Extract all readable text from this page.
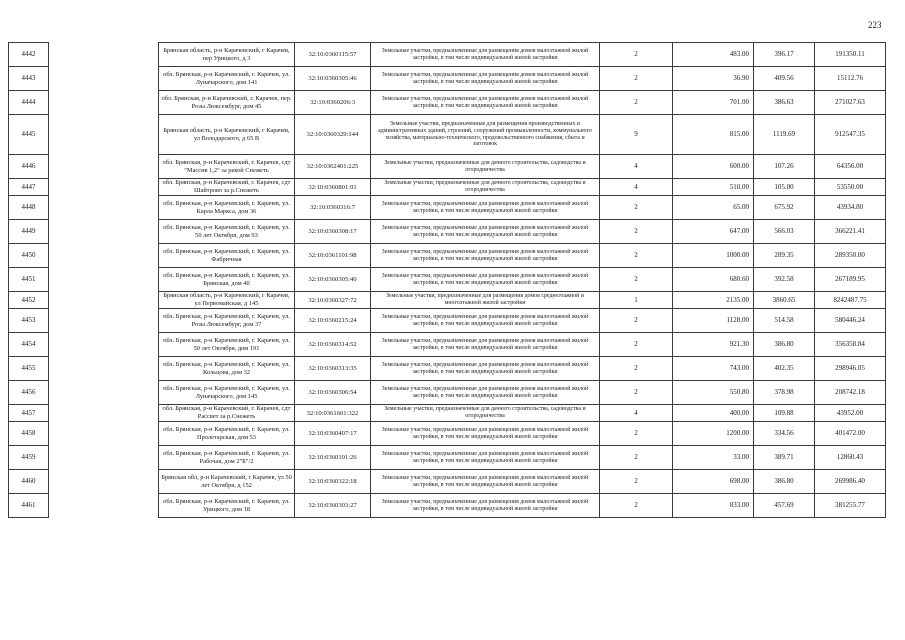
223
4442		Брянская область, р-н Карачевский, г Карачев, пер Урицкого, д 3	32:10:0360115:57	Земельные участки, предназначенные для размещения домов малоэтажной жилой застройки, в том числе индивидуальной жилой застройки	2	483.00	396.17	191350.11
4443		обл. Брянская, р-н Карачевский, г. Карачев, ул. Луначарского, дом 141	32:10:0360305:46	Земельные участки, предназначенные для размещения домов малоэтажной жилой застройки, в том числе индивидуальной жилой застройки	2	36.90	409.56	15112.76
4444		обл. Брянская, р-н Карачевский, г. Карачев, пер. Розы Люксембург, дом 45	32:10:0360206:3	Земельные участки, предназначенные для размещения домов малоэтажной жилой застройки, в том числе индивидуальной жилой застройки	2	701.00	386.63	271027.63
4445		Брянская область, р-н Карачевский, г Карачев, ул Володарского, д 65 В	32:10:0360329:144	Земельные участки, предназначенные для размещения производственных и административных зданий, строений, сооружений промышленности, коммунального хозяйства, материально-технического, продовольственного снабжения, сбыта и заготовок	9	815.00	1119.69	912547.35
4446		обл. Брянская, р-н Карачевский, г. Карачев, сдт "Массив 1,2" за рекой Снежеть	32:10:0362401:225	Земельные участки, предназначенные для дачного строительства, садоводства и огородничества	4	600.00	107.26	64356.00
4447		обл. Брянская, р-н Карачевский, г. Карачев, сдт Шайтрово за р.Снежеть	32:10:0360801:91	Земельные участки, предназначенные для дачного строительства, садоводства и огородничества	4	510.00	105.00	53550.00
4448		обл. Брянская, р-н Карачевский, г. Карачев, ул. Карла Маркса, дом 36	32:10:0360316:7	Земельные участки, предназначенные для размещения домов малоэтажной жилой застройки, в том числе индивидуальной жилой застройки	2	65.00	675.92	43934.80
4449		обл. Брянская, р-н Карачевский, г. Карачев, ул. 50 лет Октября, дом 93	32:10:0360308:17	Земельные участки, предназначенные для размещения домов малоэтажной жилой застройки, в том числе индивидуальной жилой застройки	2	647.00	566.03	366221.41
4450		обл. Брянская, р-н Карачевский, г. Карачев, ул. Фабричная	32:10:0361101:98	Земельные участки, предназначенные для размещения домов малоэтажной жилой застройки, в том числе индивидуальной жилой застройки	2	1000.00	289.35	289350.00
4451		обл. Брянская, р-н Карачевский, г. Карачев, ул. Брянская, дом 40	32:10:0360305:40	Земельные участки, предназначенные для размещения домов малоэтажной жилой застройки, в том числе индивидуальной жилой застройки	2	680.60	392.58	267189.95
4452		Брянская область, р-н Карачевский, г Карачев, ул Первомайская, д 145	32:10:0360327:72	Земельные участки, предназначенные для размещения домов среднеэтажной и многоэтажной жилой застройки	1	2135.00	3860.65	8242487.75
4453		обл. Брянская, р-н Карачевский, г. Карачев, ул. Розы Люксембург, дом 37	32:10:0360215:24	Земельные участки, предназначенные для размещения домов малоэтажной жилой застройки, в том числе индивидуальной жилой застройки	2	1128.00	514.58	580446.24
4454		обл. Брянская, р-н Карачевский, г. Карачев, ул. 50 лет Октября, дом 191	32:10:0360314:52	Земельные участки, предназначенные для размещения домов малоэтажной жилой застройки, в том числе индивидуальной жилой застройки	2	921.30	386.80	356358.84
4455		обл. Брянская, р-н Карачевский, г. Карачев, ул. Кольцова, дом 32	32:10:0360313:35	Земельные участки, предназначенные для размещения домов малоэтажной жилой застройки, в том числе индивидуальной жилой застройки	2	743.00	402.35	298946.05
4456		обл. Брянская, р-н Карачевский, г. Карачев, ул. Луначарского, дом 145	32:10:0360306:54	Земельные участки, предназначенные для размещения домов малоэтажной жилой застройки, в том числе индивидуальной жилой застройки	2	550.80	378.98	208742.18
4457		обл. Брянская, р-н Карачевский, г. Карачев, сдт Рассвет за р.Снежеть	32:10:0361601:322	Земельные участки, предназначенные для дачного строительства, садоводства и огородничества	4	400.00	109.88	43952.00
4458		обл. Брянская, р-н Карачевский, г. Карачев, ул. Пролетарская, дом 53	32:10:0360407:17	Земельные участки, предназначенные для размещения домов малоэтажной жилой застройки, в том числе индивидуальной жилой застройки	2	1200.00	334.56	401472.00
4459		обл. Брянская, р-н Карачевский, г. Карачев, ул. Рабочая, дом 2"Б"/2	32:10:0360101:26	Земельные участки, предназначенные для размещения домов малоэтажной жилой застройки, в том числе индивидуальной жилой застройки	2	33.00	389.71	12860.43
4460		Брянская обл, р-н Карачевский, г Карачев, ул 50 лет Октября, д 152	32:10:0360322:18	Земельные участки, предназначенные для размещения домов малоэтажной жилой застройки, в том числе индивидуальной жилой застройки	2	698.00	386.80	269986.40
4461		обл. Брянская, р-н Карачевский, г. Карачев, ул. Урицкого, дом 18	32:10:0360303:27	Земельные участки, предназначенные для размещения домов малоэтажной жилой застройки, в том числе индивидуальной жилой застройки	2	833.00	457.69	381255.77
